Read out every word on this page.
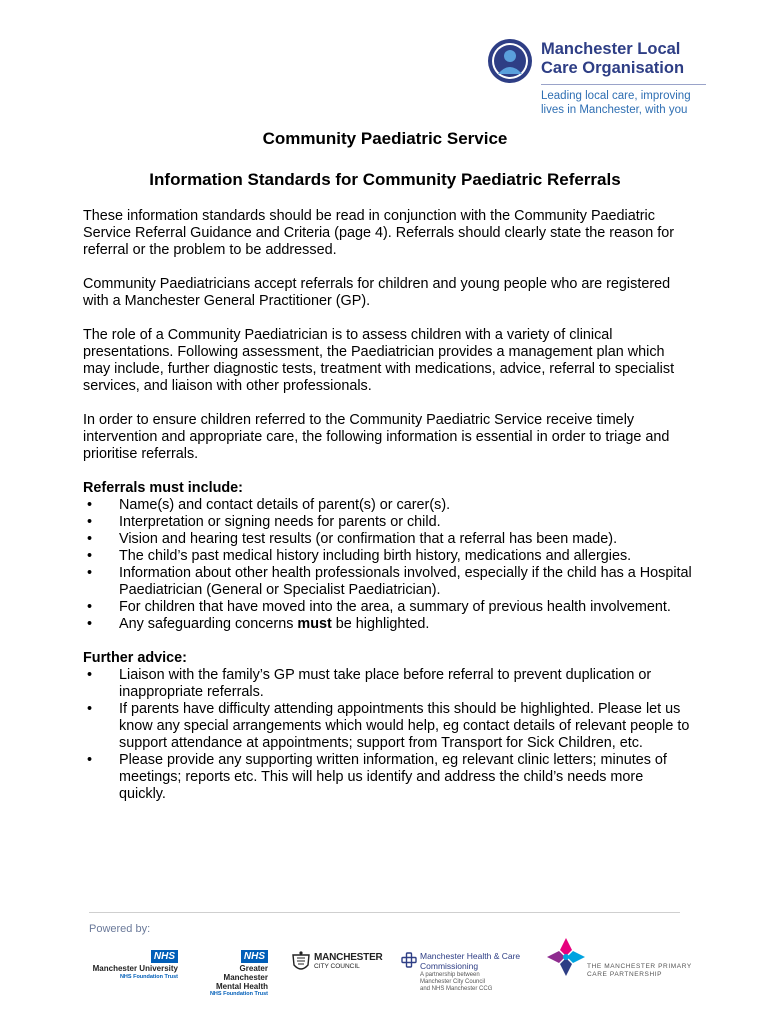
Manchester Local
Care Organisation
Leading local care, improving
lives in Manchester, with you
Community Paediatric Service
Information Standards for Community Paediatric Referrals

These information standards should be read in conjunction with the Community Paediatric Service Referral Guidance and Criteria (page 4). Referrals should clearly state the reason for referral or the problem to be addressed.

Community Paediatricians accept referrals for children and young people who are registered with a Manchester General Practitioner (GP).

The role of a Community Paediatrician is to assess children with a variety of clinical presentations. Following assessment, the Paediatrician provides a management plan which may include, further diagnostic tests, treatment with medications, advice, referral to specialist services, and liaison with other professionals.

In order to ensure children referred to the Community Paediatric Service receive timely intervention and appropriate care, the following information is essential in order to triage and prioritise referrals.

Referrals must include:
• Name(s) and contact details of parent(s) or carer(s).
• Interpretation or signing needs for parents or child.
• Vision and hearing test results (or confirmation that a referral has been made).
• The child’s past medical history including birth history, medications and allergies.
• Information about other health professionals involved, especially if the child has a Hospital Paediatrician (General or Specialist Paediatrician).
• For children that have moved into the area, a summary of previous health involvement.
• Any safeguarding concerns must be highlighted.
Further advice:
• Liaison with the family’s GP must take place before referral to prevent duplication or inappropriate referrals.
• If parents have difficulty attending appointments this should be highlighted. Please let us know any special arrangements which would help, eg contact details of relevant people to support attendance at appointments; support from Transport for Sick Children, etc.
• Please provide any supporting written information, eg relevant clinic letters; minutes of meetings; reports etc. This will help us identify and address the child’s needs more quickly.
Powered by:
NHS
Manchester University
NHS Foundation Trust
NHS
Greater Manchester
Mental Health
NHS Foundation Trust
MANCHESTER
CITY COUNCIL
Manchester Health & Care
Commissioning
A partnership between
Manchester City Council
and NHS Manchester CCG
THE MANCHESTER PRIMARY
CARE PARTNERSHIP
